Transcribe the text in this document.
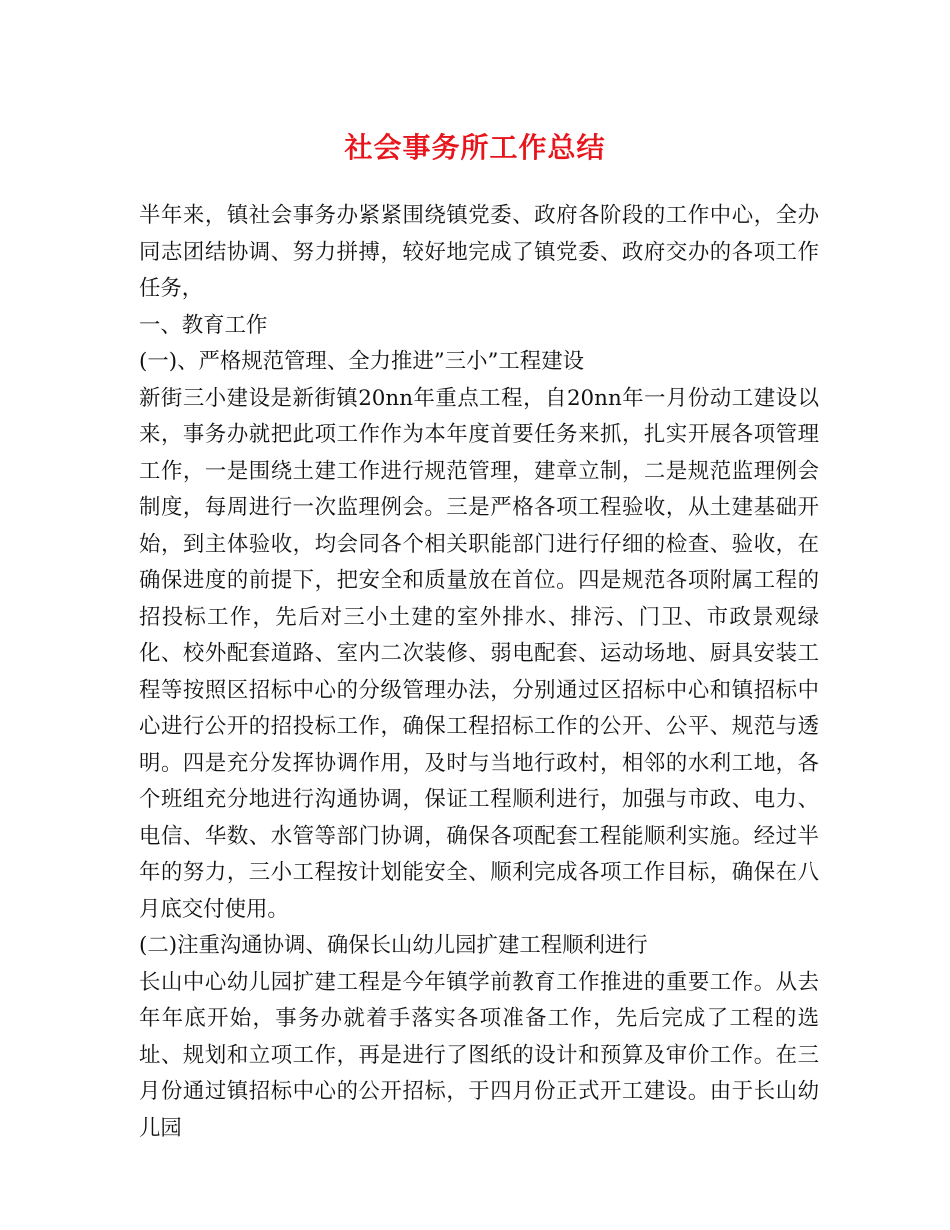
社会事务所工作总结

半年来，镇社会事务办紧紧围绕镇党委、政府各阶段的工作中心，全办同志团结协调、努力拼搏，较好地完成了镇党委、政府交办的各项工作任务，

一、教育工作

(一)、严格规范管理、全力推进”三小”工程建设

新街三小建设是新街镇20nn年重点工程，自20nn年一月份动工建设以来，事务办就把此项工作作为本年度首要任务来抓，扎实开展各项管理工作，一是围绕土建工作进行规范管理，建章立制，二是规范监理例会制度，每周进行一次监理例会。三是严格各项工程验收，从土建基础开始，到主体验收，均会同各个相关职能部门进行仔细的检查、验收，在确保进度的前提下，把安全和质量放在首位。四是规范各项附属工程的招投标工作，先后对三小土建的室外排水、排污、门卫、市政景观绿化、校外配套道路、室内二次装修、弱电配套、运动场地、厨具安装工程等按照区招标中心的分级管理办法，分别通过区招标中心和镇招标中心进行公开的招投标工作，确保工程招标工作的公开、公平、规范与透明。四是充分发挥协调作用，及时与当地行政村，相邻的水利工地，各个班组充分地进行沟通协调，保证工程顺利进行，加强与市政、电力、电信、华数、水管等部门协调，确保各项配套工程能顺利实施。经过半年的努力，三小工程按计划能安全、顺利完成各项工作目标，确保在八月底交付使用。

(二)注重沟通协调、确保长山幼儿园扩建工程顺利进行

长山中心幼儿园扩建工程是今年镇学前教育工作推进的重要工作。从去年年底开始，事务办就着手落实各项准备工作，先后完成了工程的选址、规划和立项工作，再是进行了图纸的设计和预算及审价工作。在三月份通过镇招标中心的公开招标，于四月份正式开工建设。由于长山幼儿园
